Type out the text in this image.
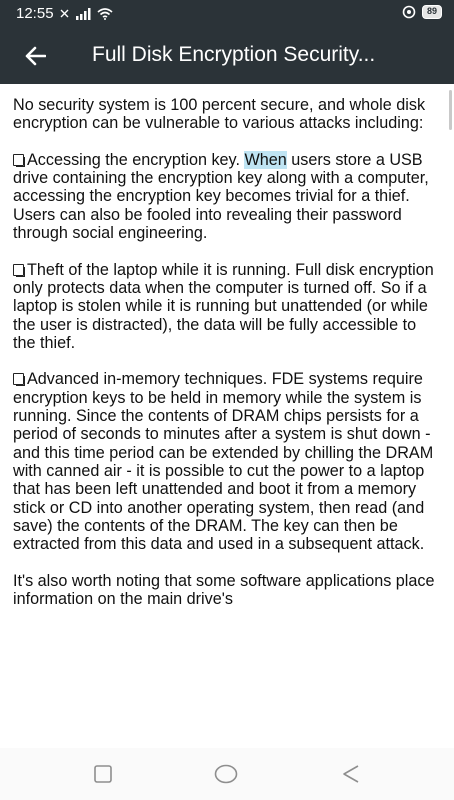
12:55	89
Full Disk Encryption Security...

No security system is 100 percent secure, and whole disk encryption can be vulnerable to various attacks including:

Accessing the encryption key. When users store a USB drive containing the encryption key along with a computer, accessing the encryption key becomes trivial for a thief. Users can also be fooled into revealing their password through social engineering.

Theft of the laptop while it is running. Full disk encryption only protects data when the computer is turned off. So if a laptop is stolen while it is running but unattended (or while the user is distracted), the data will be fully accessible to the thief.

Advanced in-memory techniques. FDE systems require encryption keys to be held in memory while the system is running. Since the contents of DRAM chips persists for a period of seconds to minutes after a system is shut down - and this time period can be extended by chilling the DRAM with canned air - it is possible to cut the power to a laptop that has been left unattended and boot it from a memory stick or CD into another operating system, then read (and save) the contents of the DRAM. The key can then be extracted from this data and used in a subsequent attack.

It's also worth noting that some software applications place information on the main drive's
